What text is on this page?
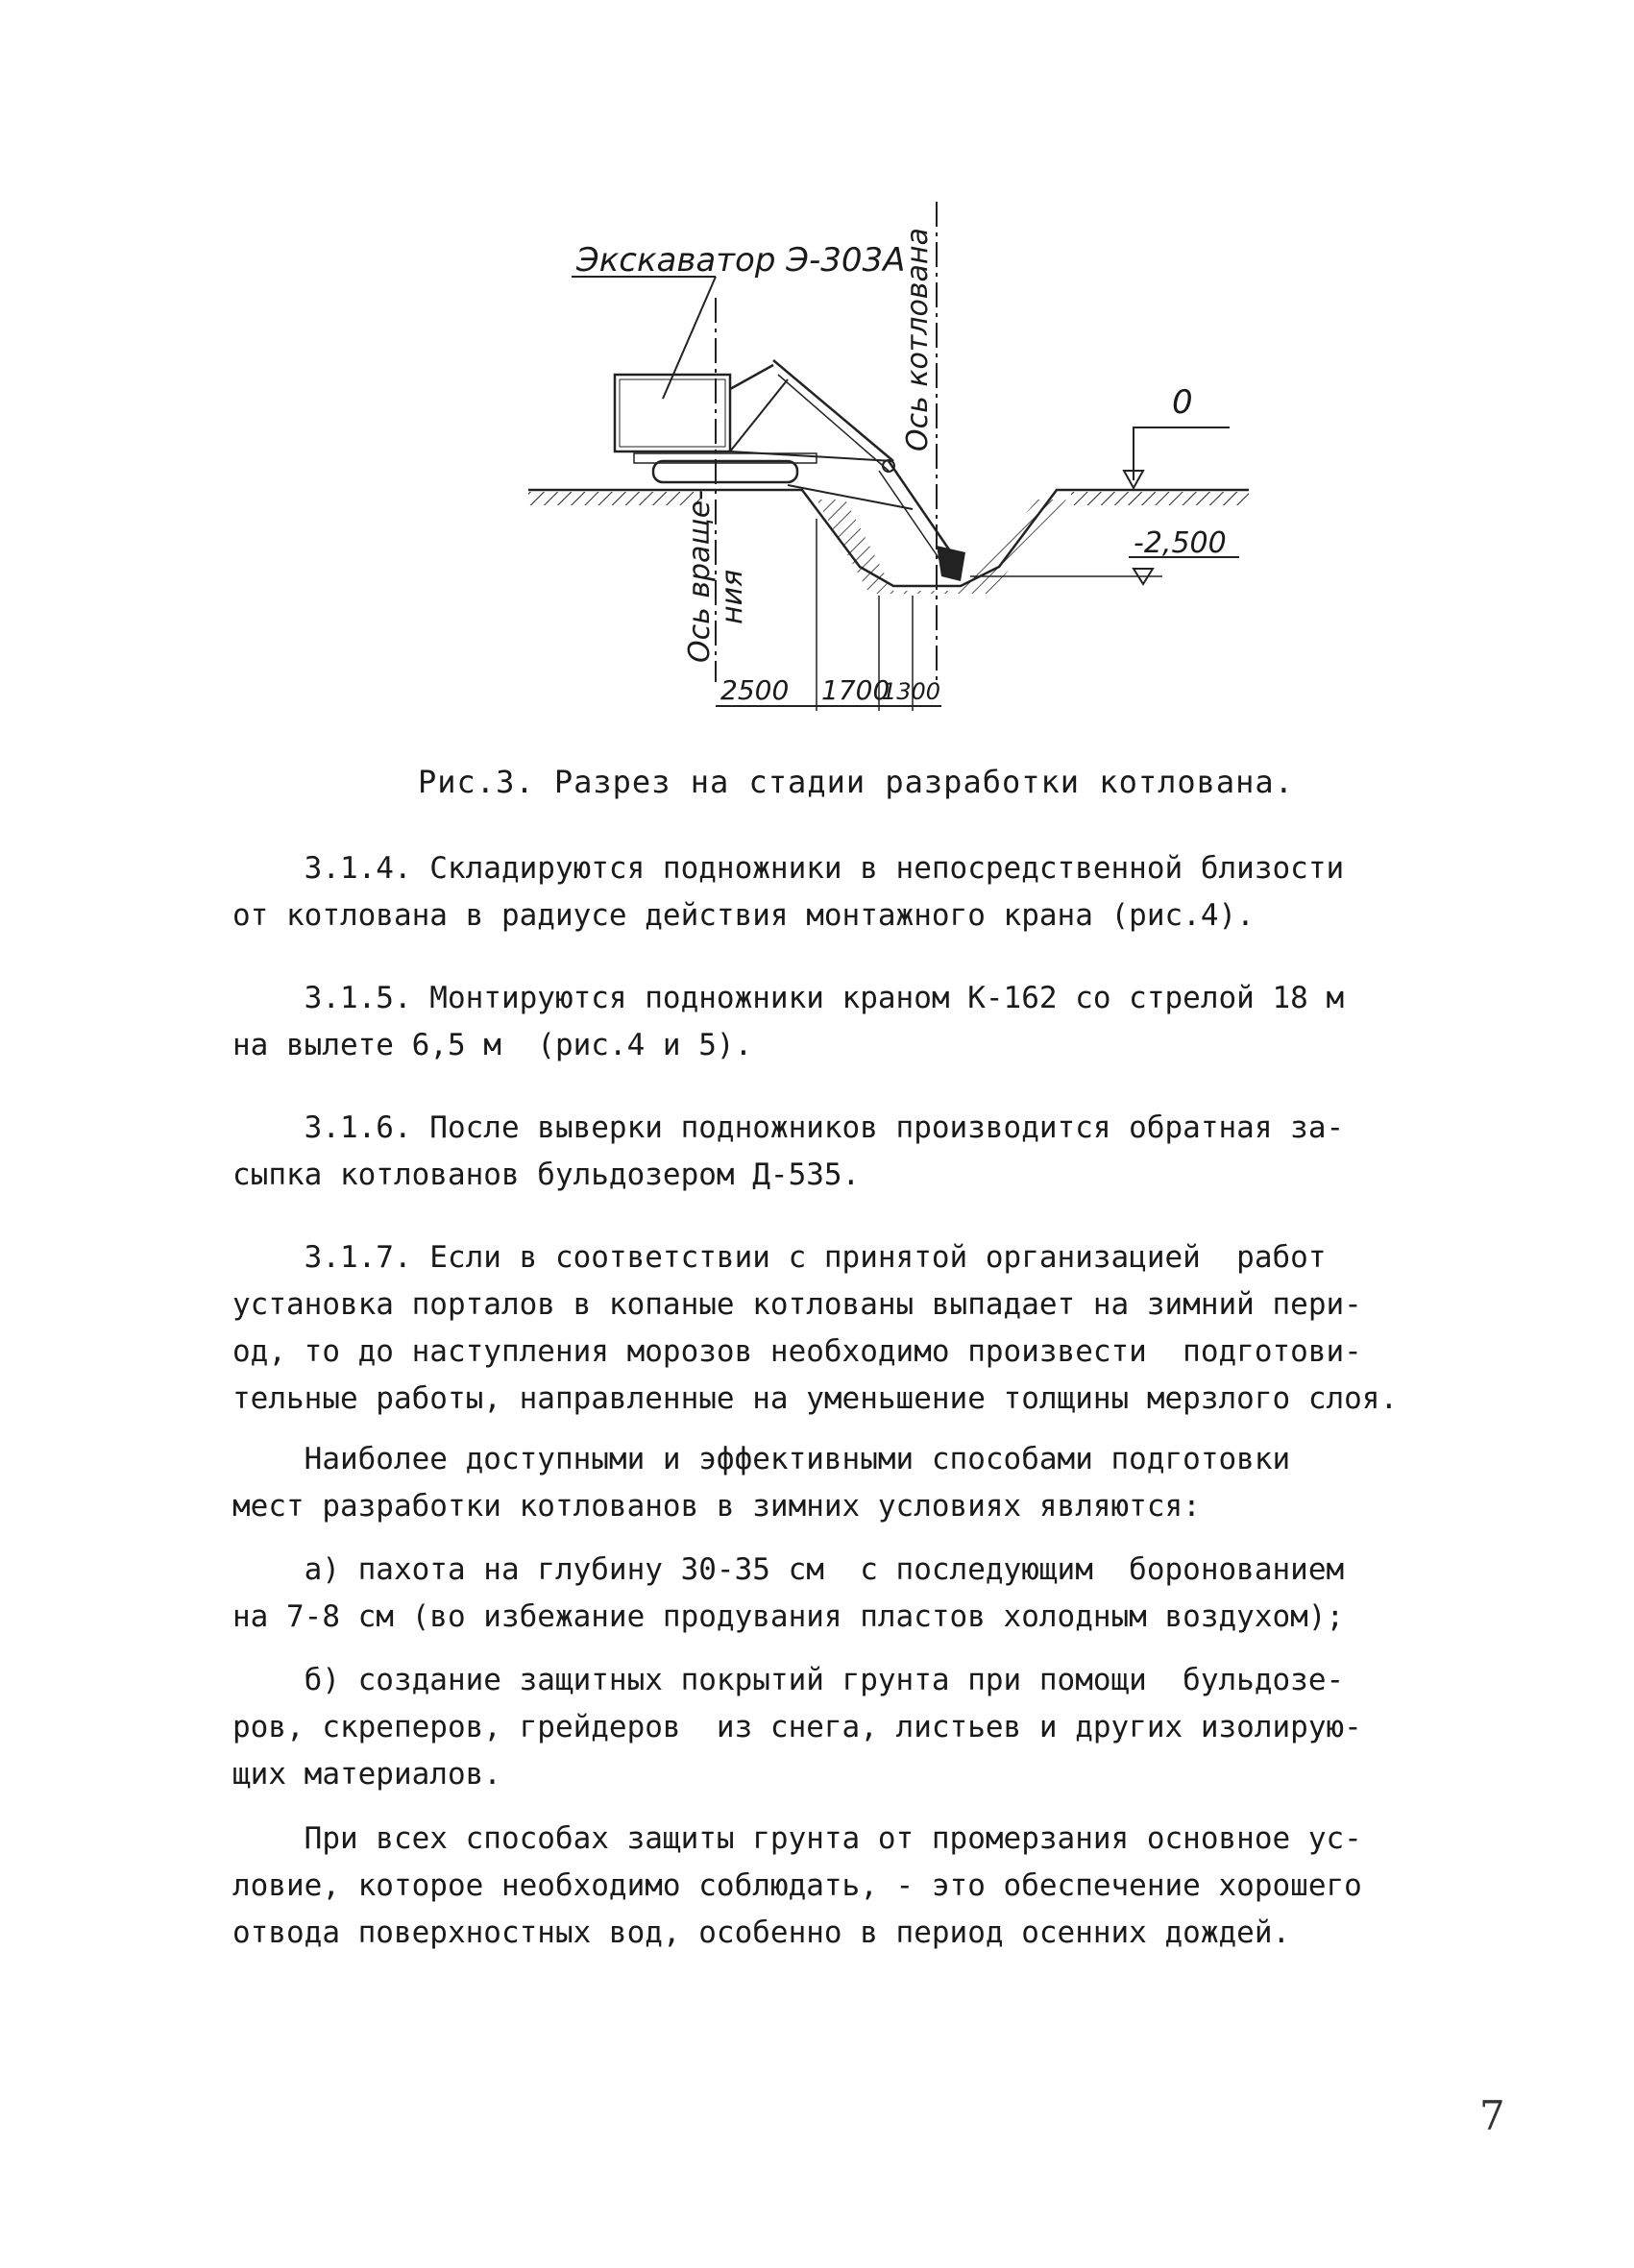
Экскаватор Э-303А
Ось враще- ния
Ось котлована	0
-2,500
2500 1700
1300
Рис.3. Разрез на стадии разработки котлована.
3.1.4. Складируются подножники в непосредственной близости
от котлована в радиусе действия монтажного крана (рис.4).
3.1.5. Монтируются подножники краном К-162 со стрелой 18 м
на вылете 6,5 м  (рис.4 и 5).
3.1.6. После выверки подножников производится обратная за-
сыпка котлованов бульдозером Д-535.
3.1.7. Если в соответствии с принятой организацией  работ
установка порталов в копаные котлованы выпадает на зимний пери-
од, то до наступления морозов необходимо произвести  подготови-
тельные работы, направленные на уменьшение толщины мерзлого слоя.
Наиболее доступными и эффективными способами подготовки
мест разработки котлованов в зимних условиях являются:
а) пахота на глубину 30-35 см  с последующим  боронованием
на 7-8 см (во избежание продувания пластов холодным воздухом);
б) создание защитных покрытий грунта при помощи  бульдозе-
ров, скреперов, грейдеров  из снега, листьев и других изолирую-
щих материалов.
При всех способах защиты грунта от промерзания основное ус-
ловие, которое необходимо соблюдать, - это обеспечение хорошего
отвода поверхностных вод, особенно в период осенних дождей.
7
